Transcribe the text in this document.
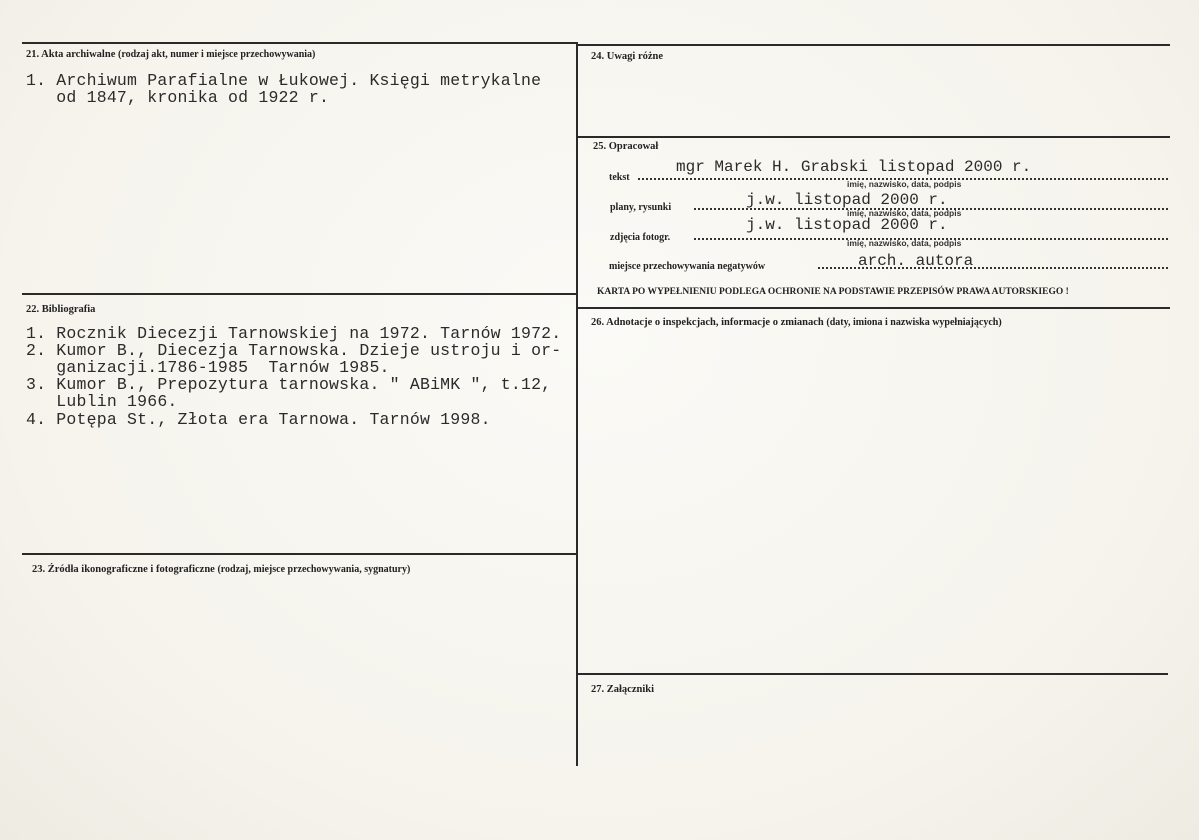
21. Akta archiwalne (rodzaj akt, numer i miejsce przechowywania)
1. Archiwum Parafialne w Łukowej. Księgi metrykalne
od 1847, kronika od 1922 r.
22. Bibliografia
1. Rocznik Diecezji Tarnowskiej na 1972. Tarnów 1972.
2. Kumor B., Diecezja Tarnowska. Dzieje ustroju i or-
ganizacji.1786-1985  Tarnów 1985.
3. Kumor B., Prepozytura tarnowska. " ABiMK ", t.12,
Lublin 1966.
4. Potępa St., Złota era Tarnowa. Tarnów 1998.
23. Źródła ikonograficzne i fotograficzne (rodzaj, miejsce przechowywania, sygnatury)
24. Uwagi różne
25. Opracował
tekst
mgr Marek H. Grabski listopad 2000 r.
imię, nazwisko, data, podpis
plany, rysunki	j.w. listopad 2000 r.
imię, nazwisko, data, podpis
zdjęcia fotogr.
j.w. listopad 2000 r.
imię, nazwisko, data, podpis
miejsce przechowywania negatywów	arch. autora
KARTA PO WYPEŁNIENIU PODLEGA OCHRONIE NA PODSTAWIE PRZEPISÓW PRAWA AUTORSKIEGO !
26. Adnotacje o inspekcjach, informacje o zmianach (daty, imiona i nazwiska wypełniających)
27. Załączniki
